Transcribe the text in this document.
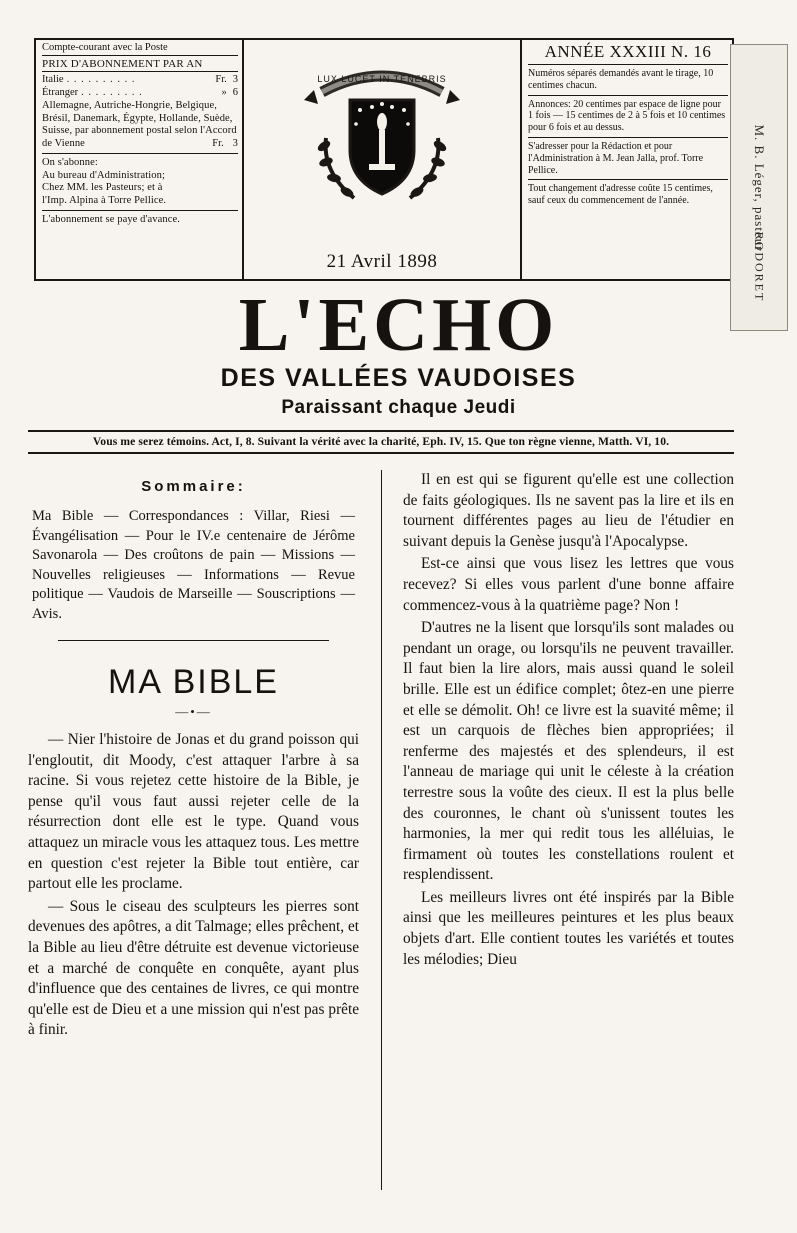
Compte-courant avec la Poste
PRIX D'ABONNEMENT PAR AN
Italie . . . . . . . . . .	Fr. 3
Étranger . . . . . . . . .	» 6
Allemagne, Autriche-Hongrie, Belgique, Brésil, Danemark, Égypte, Hollande, Suède, Suisse, par abonnement postal selon l'Accord de Vienne	Fr. 3
On s'abonne:
Au bureau d'Administration;
Chez MM. les Pasteurs; et à
l'Imp. Alpina à Torre Pellice.
L'abonnement se paye d'avance.
LUX LUCET IN TENEBRIS
21 Avril 1898
ANNÉE XXXIII N. 16
Numéros séparés demandés avant le tirage, 10 centimes chacun.
Annonces: 20 centimes par espace de ligne pour 1 fois — 15 centimes de 2 à 5 fois et 10 centimes pour 6 fois et au dessus.
S'adresser pour la Rédaction et pour l'Administration à M. Jean Jalla, prof. Torre Pellice.
Tout changement d'adresse coûte 15 centimes, sauf ceux du commencement de l'année.	M. B. Léger, pasteur
RODORET
L'ECHO
DES VALLÉES VAUDOISES
Paraissant chaque Jeudi
Vous me serez témoins. Act, I, 8. Suivant la vérité avec la charité, Eph. IV, 15. Que ton règne vienne, Matth. VI, 10.
Sommaire:
Ma Bible — Correspondances : Villar, Riesi — Évangélisation — Pour le IV.e centenaire de Jérôme Savonarola — Des croûtons de pain — Missions — Nouvelles religieuses — Informations — Revue politique — Vaudois de Marseille — Souscriptions — Avis.
MA BIBLE
—•—

— Nier l'histoire de Jonas et du grand poisson qui l'engloutit, dit Moody, c'est attaquer l'arbre à sa racine. Si vous rejetez cette histoire de la Bible, je pense qu'il vous faut aussi rejeter celle de la résurrection dont elle est le type. Quand vous attaquez un miracle vous les attaquez tous. Les mettre en question c'est rejeter la Bible tout entière, car partout elle les proclame.

— Sous le ciseau des sculpteurs les pierres sont devenues des apôtres, a dit Talmage; elles prêchent, et la Bible au lieu d'être détruite est devenue victorieuse et a marché de conquête en conquête, ayant plus d'influence que des centaines de livres, ce qui montre qu'elle est de Dieu et a une mission qui n'est pas prête à finir.

Il en est qui se figurent qu'elle est une collection de faits géologiques. Ils ne savent pas la lire et ils en tournent différentes pages au lieu de l'étudier en suivant depuis la Genèse jusqu'à l'Apocalypse.

Est-ce ainsi que vous lisez les lettres que vous recevez? Si elles vous parlent d'une bonne affaire commencez-vous à la quatrième page? Non !

D'autres ne la lisent que lorsqu'ils sont malades ou pendant un orage, ou lorsqu'ils ne peuvent travailler. Il faut bien la lire alors, mais aussi quand le soleil brille. Elle est un édifice complet; ôtez-en une pierre et elle se démolit. Oh! ce livre est la suavité même; il est un carquois de flèches bien appropriées; il renferme des majestés et des splendeurs, il est l'anneau de mariage qui unit le céleste à la création terrestre sous la voûte des cieux. Il est la plus belle des couronnes, le chant où s'unissent toutes les harmonies, la mer qui redit tous les alléluias, le firmament où toutes les constellations roulent et resplendissent.

Les meilleurs livres ont été inspirés par la Bible ainsi que les meilleures peintures et les plus beaux objets d'art. Elle contient toutes les variétés et toutes les mélodies; Dieu
